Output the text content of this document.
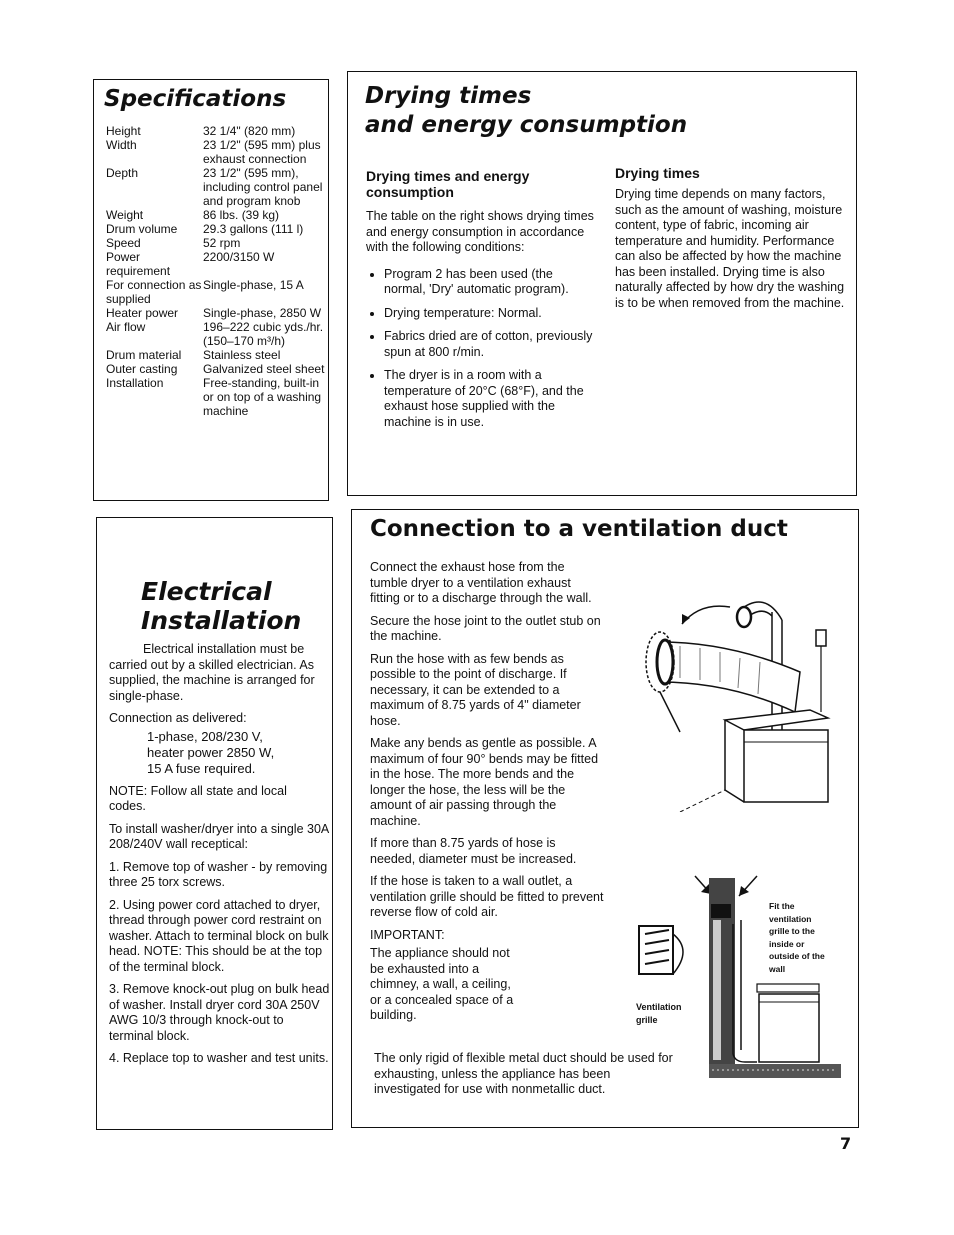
Specifications
Height	32 1/4" (820 mm)
Width	23 1/2" (595 mm) plus exhaust connection
Depth	23 1/2" (595 mm), including control panel and program knob
Weight	86 lbs. (39 kg)
Drum volume	29.3 gallons (111 l)
Speed	52 rpm
Power requirement	2200/3150 W
For connection as supplied	Single-phase, 15 A
Heater power	Single-phase, 2850 W
Air flow	196–222 cubic yds./hr. (150–170 m³/h)
Drum material	Stainless steel
Outer casting	Galvanized steel sheet
Installation	Free-standing, built-in or on top of a washing machine
Drying times
and energy consumption
Drying times and energy consumption

The table on the right shows drying times and energy consumption in accordance with the following conditions:

• Program 2 has been used (the normal, 'Dry' automatic program).
• Drying temperature: Normal.
• Fabrics dried are of cotton, previously spun at 800 r/min.
• The dryer is in a room with a temperature of 20°C (68°F), and the exhaust hose supplied with the machine is in use.
Drying times

Drying time depends on many factors, such as the amount of washing, moisture content, type of fabric, incoming air temperature and humidity. Performance can also be affected by how the machine has been installed. Drying time is also naturally affected by how dry the washing is to be when removed from the machine.

Electrical
Installation

Electrical installation must be carried out by a skilled electrician. As supplied, the machine is arranged for single-phase.

Connection as delivered:

1-phase, 208/230 V,
heater power 2850 W,
15 A fuse required.

NOTE: Follow all state and local codes.

To install washer/dryer into a single 30A 208/240V wall receptical:

1. Remove top of washer - by removing three 25 torx screws.

2. Using power cord attached to dryer, thread through power cord restraint on washer. Attach to terminal block on bulk head. NOTE: This should be at the top of the terminal block.

3. Remove knock-out plug on bulk head of washer. Install dryer cord 30A 250V AWG 10/3 through knock-out to terminal block.

4. Replace top to washer and test units.

Connection to a ventilation duct

Connect the exhaust hose from the tumble dryer to a ventilation exhaust fitting or to a discharge through the wall.

Secure the hose joint to the outlet stub on the machine.

Run the hose with as few bends as possible to the point of discharge. If necessary, it can be extended to a maximum of 8.75 yards of 4" diameter hose.

Make any bends as gentle as possible. A maximum of four 90° bends may be fitted in the hose. The more bends and the longer the hose, the less will be the amount of air passing through the machine.

If more than 8.75 yards of hose is needed, diameter must be increased.

If the hose is taken to a wall outlet, a ventilation grille should be fitted to prevent reverse flow of cold air.

IMPORTANT:

The appliance should not be exhausted into a chimney, a wall, a ceiling, or a concealed space of a building.

The only rigid of flexible metal duct should be used for exhausting, unless the appliance has been investigated for use with nonmetallic duct.

Ventilation grille
Fit the ventilation grille to the inside or outside of the wall
7
